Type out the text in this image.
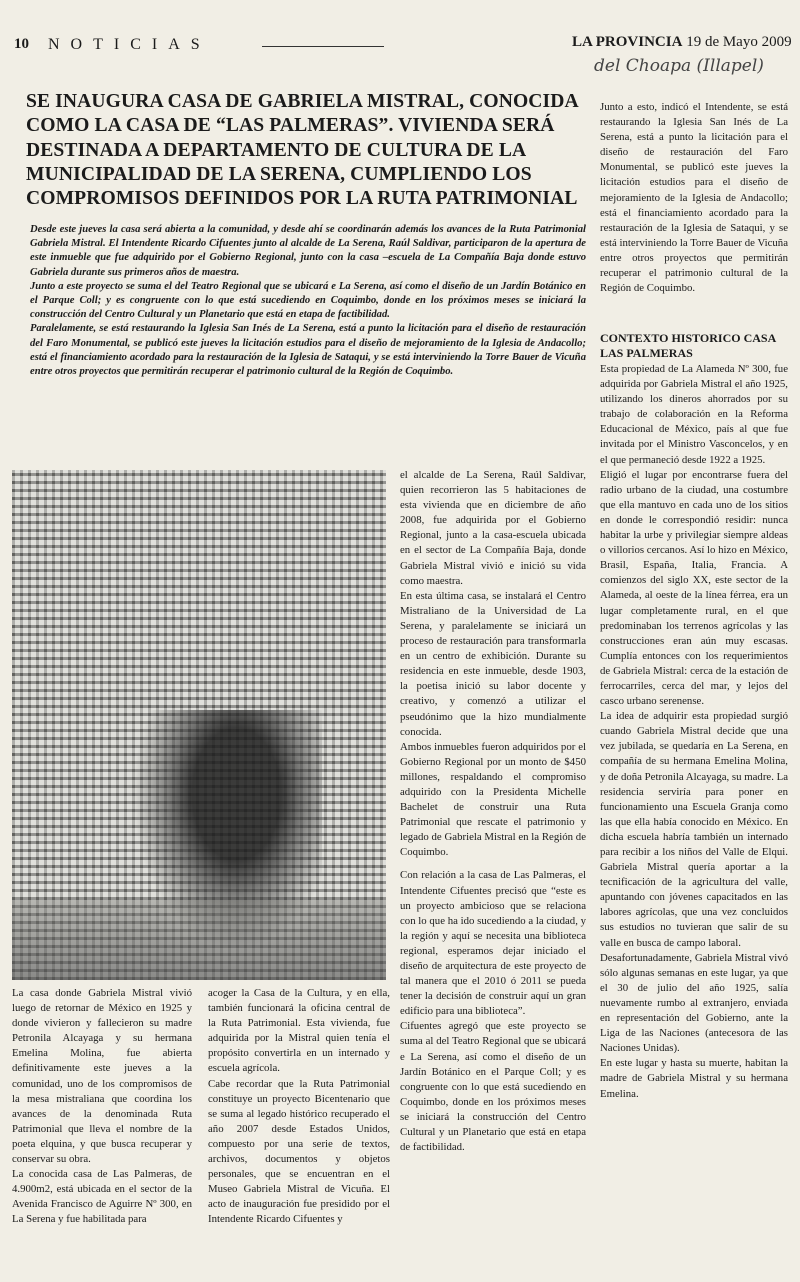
10 NOTICIAS	LA PROVINCIA 19 de Mayo 2009
del Choapa (Illapel)
SE INAUGURA CASA DE GABRIELA MISTRAL, CONOCIDA COMO LA CASA DE “LAS PALMERAS”. VIVIENDA SERÁ DESTINADA A DEPARTAMENTO DE CULTURA DE LA MUNICIPALIDAD DE LA SERENA, CUMPLIENDO LOS COMPROMISOS DEFINIDOS POR LA RUTA PATRIMONIAL

Desde este jueves la casa será abierta a la comunidad, y desde ahí se coordinarán además los avances de la Ruta Patrimonial Gabriela Mistral. El Intendente Ricardo Cifuentes junto al alcalde de La Serena, Raúl Saldivar, participaron de la apertura de este inmueble que fue adquirido por el Gobierno Regional, junto con la casa –escuela de La Compañía Baja donde estuvo Gabriela durante sus primeros años de maestra.

Junto a este proyecto se suma el del Teatro Regional que se ubicará e La Serena, así como el diseño de un Jardín Botánico en el Parque Coll; y es congruente con lo que está sucediendo en Coquimbo, donde en los próximos meses se iniciará la construcción del Centro Cultural y un Planetario que está en etapa de factibilidad.

Paralelamente, se está restaurando la Iglesia San Inés de La Serena, está a punto la licitación para el diseño de restauración del Faro Monumental, se publicó este jueves la licitación estudios para el diseño de mejoramiento de la Iglesia de Andacollo; está el financiamiento acordado para la restauración de la Iglesia de Sataqui, y se está interviniendo la Torre Bauer de Vicuña entre otros proyectos que permitirán recuperar el patrimonio cultural de la Región de Coquimbo.

La casa donde Gabriela Mistral vivió luego de retornar de México en 1925 y donde vivieron y fallecieron su madre Petronila Alcayaga y su hermana Emelina Molina, fue abierta definitivamente este jueves a la comunidad, uno de los compromisos de la mesa mistraliana que coordina los avances de la denominada Ruta Patrimonial que lleva el nombre de la poeta elquina, y que busca recuperar y conservar su obra.

La conocida casa de Las Palmeras, de 4.900m2, está ubicada en el sector de la Avenida Francisco de Aguirre Nº 300, en La Serena y fue habilitada para

acoger la Casa de la Cultura, y en ella, también funcionará la oficina central de la Ruta Patrimonial. Esta vivienda, fue adquirida por la Mistral quien tenía el propósito convertirla en un internado y escuela agrícola.

Cabe recordar que la Ruta Patrimonial constituye un proyecto Bicentenario que se suma al legado histórico recuperado el año 2007 desde Estados Unidos, compuesto por una serie de textos, archivos, documentos y objetos personales, que se encuentran en el Museo Gabriela Mistral de Vicuña. El acto de inauguración fue presidido por el Intendente Ricardo Cifuentes y

el alcalde de La Serena, Raúl Saldivar, quien recorrieron las 5 habitaciones de esta vivienda que en diciembre de año 2008, fue adquirida por el Gobierno Regional, junto a la casa-escuela ubicada en el sector de La Compañía Baja, donde Gabriela Mistral vivió e inició su vida como maestra.

En esta última casa, se instalará el Centro Mistraliano de la Universidad de La Serena, y paralelamente se iniciará un proceso de restauración para transformarla en un centro de exhibición. Durante su residencia en este inmueble, desde 1903, la poetisa inició su labor docente y creativo, y comenzó a utilizar el pseudónimo que la hizo mundialmente conocida.

Ambos inmuebles fueron adquiridos por el Gobierno Regional por un monto de $450 millones, respaldando el compromiso adquirido con la Presidenta Michelle Bachelet de construir una Ruta Patrimonial que rescate el patrimonio y legado de Gabriela Mistral en la Región de Coquimbo.

Con relación a la casa de Las Palmeras, el Intendente Cifuentes precisó que “este es un proyecto ambicioso que se relaciona con lo que ha ido sucediendo a la ciudad, y la región y aquí se necesita una biblioteca regional, esperamos dejar iniciado el diseño de arquitectura de este proyecto de tal manera que el 2010 ó 2011 se pueda tener la decisión de construir aquí un gran edificio para una biblioteca”.

Cifuentes agregó que este proyecto se suma al del Teatro Regional que se ubicará e La Serena, así como el diseño de un Jardín Botánico en el Parque Coll; y es congruente con lo que está sucediendo en Coquimbo, donde en los próximos meses se iniciará la construcción del Centro Cultural y un Planetario que está en etapa de factibilidad.

Junto a esto, indicó el Intendente, se está restaurando la Iglesia San Inés de La Serena, está a punto la licitación para el diseño de restauración del Faro Monumental, se publicó este jueves la licitación estudios para el diseño de mejoramiento de la Iglesia de Andacollo; está el financiamiento acordado para la restauración de la Iglesia de Sataqui, y se está interviniendo la Torre Bauer de Vicuña entre otros proyectos que permitirán recuperar el patrimonio cultural de la Región de Coquimbo.

CONTEXTO HISTORICO CASA LAS PALMERAS

Esta propiedad de La Alameda Nº 300, fue adquirida por Gabriela Mistral el año 1925, utilizando los dineros ahorrados por su trabajo de colaboración en la Reforma Educacional de México, país al que fue invitada por el Ministro Vasconcelos, y en el que permaneció desde 1922 a 1925.

Eligió el lugar por encontrarse fuera del radio urbano de la ciudad, una costumbre que ella mantuvo en cada uno de los sitios en donde le correspondió residir: nunca habitar la urbe y privilegiar siempre aldeas o villorios cercanos. Así lo hizo en México, Brasil, España, Italia, Francia. A comienzos del siglo XX, este sector de la Alameda, al oeste de la línea férrea, era un lugar completamente rural, en el que predominaban los terrenos agrícolas y las construcciones eran aún muy escasas. Cumplía entonces con los requerimientos de Gabriela Mistral: cerca de la estación de ferrocarriles, cerca del mar, y lejos del casco urbano serenense.

La idea de adquirir esta propiedad surgió cuando Gabriela Mistral decide que una vez jubilada, se quedaría en La Serena, en compañía de su hermana Emelina Molina, y de doña Petronila Alcayaga, su madre. La residencia serviría para poner en funcionamiento una Escuela Granja como las que ella había conocido en México. En dicha escuela habría también un internado para recibir a los niños del Valle de Elqui. Gabriela Mistral quería aportar a la tecnificación de la agricultura del valle, apuntando con jóvenes capacitados en las labores agrícolas, que una vez concluidos sus estudios no tuvieran que salir de su valle en busca de campo laboral.

Desafortunadamente, Gabriela Mistral vivó sólo algunas semanas en este lugar, ya que el 30 de julio del año 1925, salía nuevamente rumbo al extranjero, enviada en representación del Gobierno, ante la Liga de las Naciones (antecesora de las Naciones Unidas).

En este lugar y hasta su muerte, habitan la madre de Gabriela Mistral y su hermana Emelina.
